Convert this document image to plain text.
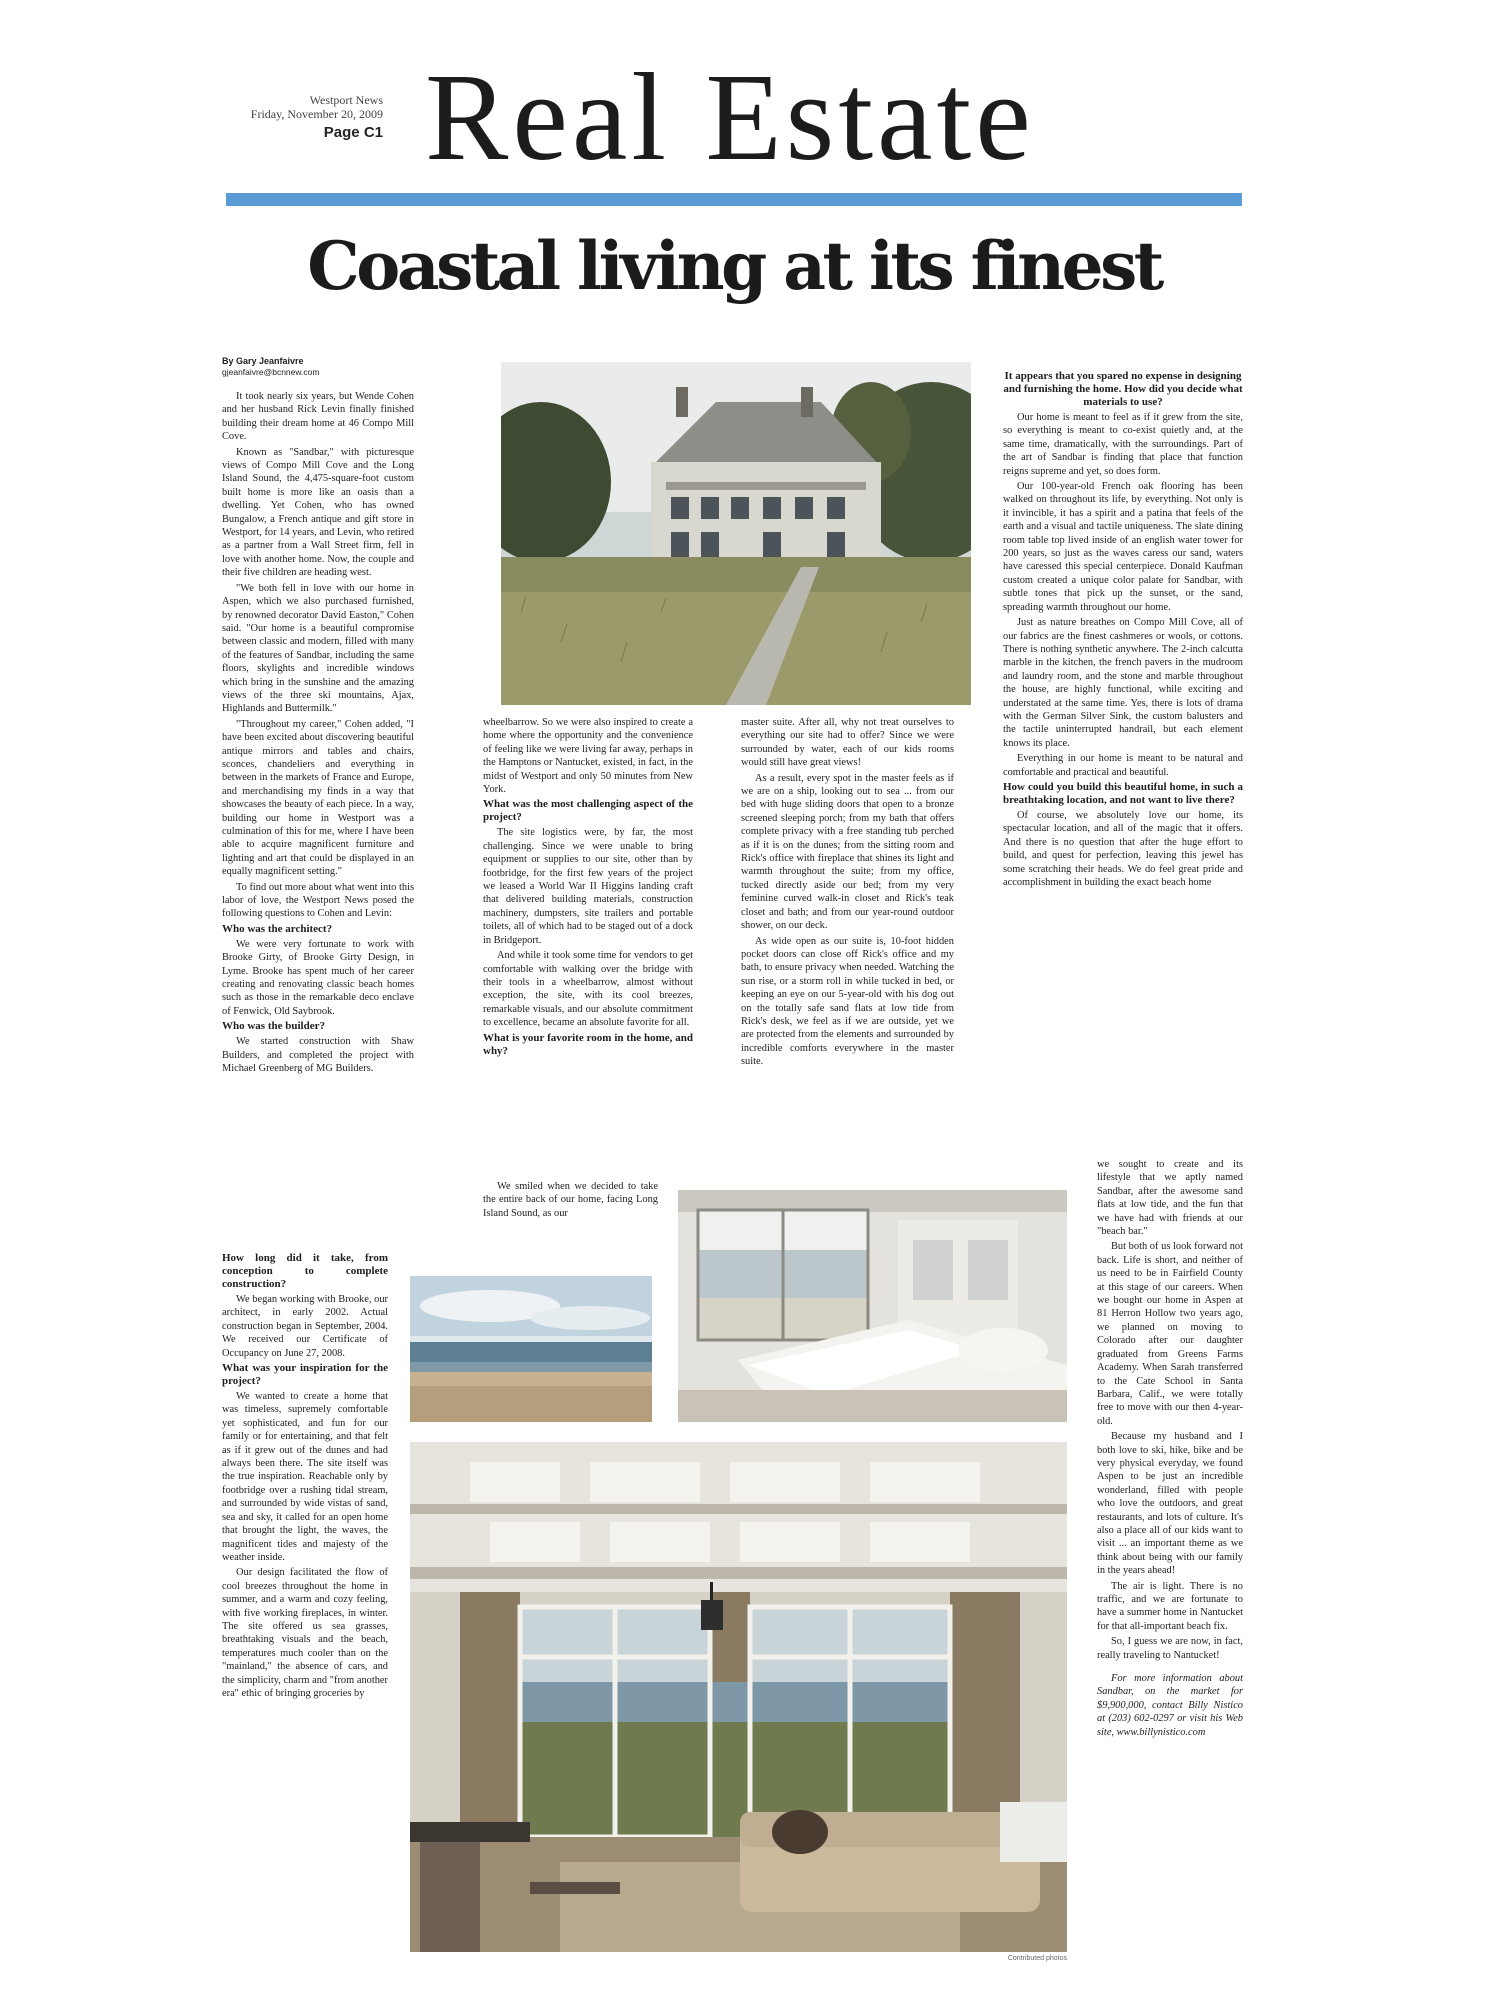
Westport News
Friday, November 20, 2009
Page C1 Real Estate
Coastal living at its finest
By Gary Jeanfaivre
gjeanfaivre@bcnnew.com

It took nearly six years, but Wende Cohen and her husband Rick Levin finally finished building their dream home at 46 Compo Mill Cove.

Known as "Sandbar," with picturesque views of Compo Mill Cove and the Long Island Sound, the 4,475-square-foot custom built home is more like an oasis than a dwelling. Yet Cohen, who has owned Bungalow, a French antique and gift store in Westport, for 14 years, and Levin, who retired as a partner from a Wall Street firm, fell in love with another home. Now, the couple and their five children are heading west.

"We both fell in love with our home in Aspen, which we also purchased furnished, by renowned decorator David Easton," Cohen said. "Our home is a beautiful compromise between classic and modern, filled with many of the features of Sandbar, including the same floors, skylights and incredible windows which bring in the sunshine and the amazing views of the three ski mountains, Ajax, Highlands and Buttermilk."

"Throughout my career," Cohen added, "I have been excited about discovering beautiful antique mirrors and tables and chairs, sconces, chandeliers and everything in between in the markets of France and Europe, and merchandising my finds in a way that showcases the beauty of each piece. In a way, building our home in Westport was a culmination of this for me, where I have been able to acquire magnificent furniture and lighting and art that could be displayed in an equally magnificent setting."

To find out more about what went into this labor of love, the Westport News posed the following questions to Cohen and Levin:

Who was the architect?

We were very fortunate to work with Brooke Girty, of Brooke Girty Design, in Lyme. Brooke has spent much of her career creating and renovating classic beach homes such as those in the remarkable deco enclave of Fenwick, Old Saybrook.

Who was the builder?

We started construction with Shaw Builders, and completed the project with Michael Greenberg of MG Builders.

How long did it take, from conception to complete construction?

We began working with Brooke, our architect, in early 2002. Actual construction began in September, 2004. We received our Certificate of Occupancy on June 27, 2008.

What was your inspiration for the project?

We wanted to create a home that was timeless, supremely comfortable yet sophisticated, and fun for our family or for entertaining, and that felt as if it grew out of the dunes and had always been there. The site itself was the true inspiration. Reachable only by footbridge over a rushing tidal stream, and surrounded by wide vistas of sand, sea and sky, it called for an open home that brought the light, the waves, the magnificent tides and majesty of the weather inside.

Our design facilitated the flow of cool breezes throughout the home in summer, and a warm and cozy feeling, with five working fireplaces, in winter. The site offered us sea grasses, breathtaking visuals and the beach, temperatures much cooler than on the "mainland," the absence of cars, and the simplicity, charm and "from another era" ethic of bringing groceries by

wheelbarrow. So we were also inspired to create a home where the opportunity and the convenience of feeling like we were living far away, perhaps in the Hamptons or Nantucket, existed, in fact, in the midst of Westport and only 50 minutes from New York.

What was the most challenging aspect of the project?

The site logistics were, by far, the most challenging. Since we were unable to bring equipment or supplies to our site, other than by footbridge, for the first few years of the project we leased a World War II Higgins landing craft that delivered building materials, construction machinery, dumpsters, site trailers and portable toilets, all of which had to be staged out of a dock in Bridgeport.

And while it took some time for vendors to get comfortable with walking over the bridge with their tools in a wheelbarrow, almost without exception, the site, with its cool breezes, remarkable visuals, and our absolute commitment to excellence, became an absolute favorite for all.

What is your favorite room in the home, and why?

We smiled when we decided to take the entire back of our home, facing Long Island Sound, as our

master suite. After all, why not treat ourselves to everything our site had to offer? Since we were surrounded by water, each of our kids rooms would still have great views!

As a result, every spot in the master feels as if we are on a ship, looking out to sea ... from our bed with huge sliding doors that open to a bronze screened sleeping porch; from my bath that offers complete privacy with a free standing tub perched as if it is on the dunes; from the sitting room and Rick's office with fireplace that shines its light and warmth throughout the suite; from my office, tucked directly aside our bed; from my very feminine curved walk-in closet and Rick's teak closet and bath; and from our year-round outdoor shower, on our deck.

As wide open as our suite is, 10-foot hidden pocket doors can close off Rick's office and my bath, to ensure privacy when needed. Watching the sun rise, or a storm roll in while tucked in bed, or keeping an eye on our 5-year-old with his dog out on the totally safe sand flats at low tide from Rick's desk, we feel as if we are outside, yet we are protected from the elements and surrounded by incredible comforts everywhere in the master suite.

It appears that you spared no expense in designing and furnishing the home. How did you decide what materials to use?

Our home is meant to feel as if it grew from the site, so everything is meant to co-exist quietly and, at the same time, dramatically, with the surroundings. Part of the art of Sandbar is finding that place that function reigns supreme and yet, so does form.

Our 100-year-old French oak flooring has been walked on throughout its life, by everything. Not only is it invincible, it has a spirit and a patina that feels of the earth and a visual and tactile uniqueness. The slate dining room table top lived inside of an english water tower for 200 years, so just as the waves caress our sand, waters have caressed this special centerpiece. Donald Kaufman custom created a unique color palate for Sandbar, with subtle tones that pick up the sunset, or the sand, spreading warmth throughout our home.

Just as nature breathes on Compo Mill Cove, all of our fabrics are the finest cashmeres or wools, or cottons. There is nothing synthetic anywhere. The 2-inch calcutta marble in the kitchen, the french pavers in the mudroom and laundry room, and the stone and marble throughout the house, are highly functional, while exciting and understated at the same time. Yes, there is lots of drama with the German Silver Sink, the custom balusters and the tactile uninterrupted handrail, but each element knows its place.

Everything in our home is meant to be natural and comfortable and practical and beautiful.

How could you build this beautiful home, in such a breathtaking location, and not want to live there?

Of course, we absolutely love our home, its spectacular location, and all of the magic that it offers. And there is no question that after the huge effort to build, and quest for perfection, leaving this jewel has some scratching their heads. We do feel great pride and accomplishment in building the exact beach home

we sought to create and its lifestyle that we aptly named Sandbar, after the awesome sand flats at low tide, and the fun that we have had with friends at our "beach bar."

But both of us look forward not back. Life is short, and neither of us need to be in Fairfield County at this stage of our careers. When we bought our home in Aspen at 81 Herron Hollow two years ago, we planned on moving to Colorado after our daughter graduated from Greens Farms Academy. When Sarah transferred to the Cate School in Santa Barbara, Calif., we were totally free to move with our then 4-year-old.

Because my husband and I both love to ski, hike, bike and be very physical everyday, we found Aspen to be just an incredible wonderland, filled with people who love the outdoors, and great restaurants, and lots of culture. It's also a place all of our kids want to visit ... an important theme as we think about being with our family in the years ahead!

The air is light. There is no traffic, and we are fortunate to have a summer home in Nantucket for that all-important beach fix.

So, I guess we are now, in fact, really traveling to Nantucket!

For more information about Sandbar, on the market for $9,900,000, contact Billy Nistico at (203) 602-0297 or visit his Web site, www.billynistico.com

Contributed photos
